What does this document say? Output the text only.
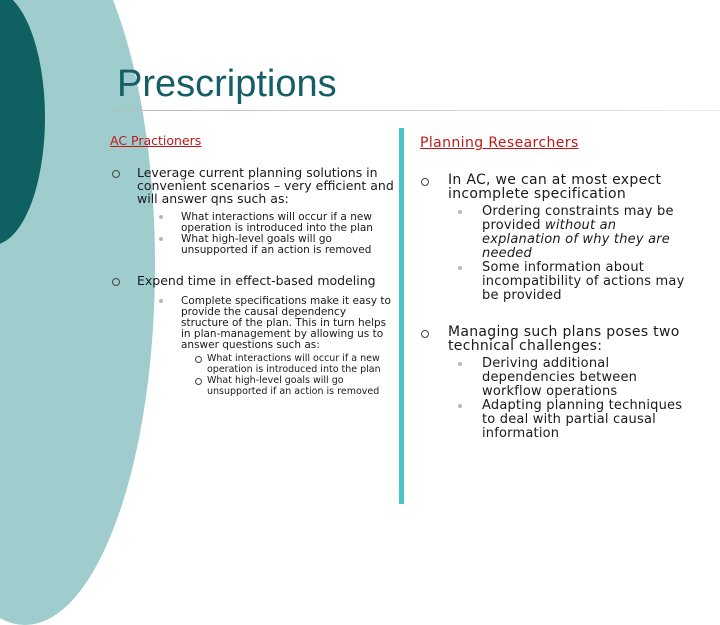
Prescriptions
AC Practioners	Planning Researchers
Leverage current planning solutions in convenient scenarios – very efficient and will answer qns such as:
What interactions will occur if a new operation is introduced into the plan
What high-level goals will go unsupported if an action is removed
Expend time in effect-based modeling
Complete specifications make it easy to provide the causal dependency structure of the plan. This in turn helps in plan-management by allowing us to answer questions such as:
What interactions will occur if a new operation is introduced into the plan
What high-level goals will go unsupported if an action is removed
In AC, we can at most expect incomplete specification
Ordering constraints may be provided without an explanation of why they are needed
Some information about incompatibility of actions may be provided
Managing such plans poses two technical challenges:
Deriving additional dependencies between workflow operations
Adapting planning techniques to deal with partial causal information
